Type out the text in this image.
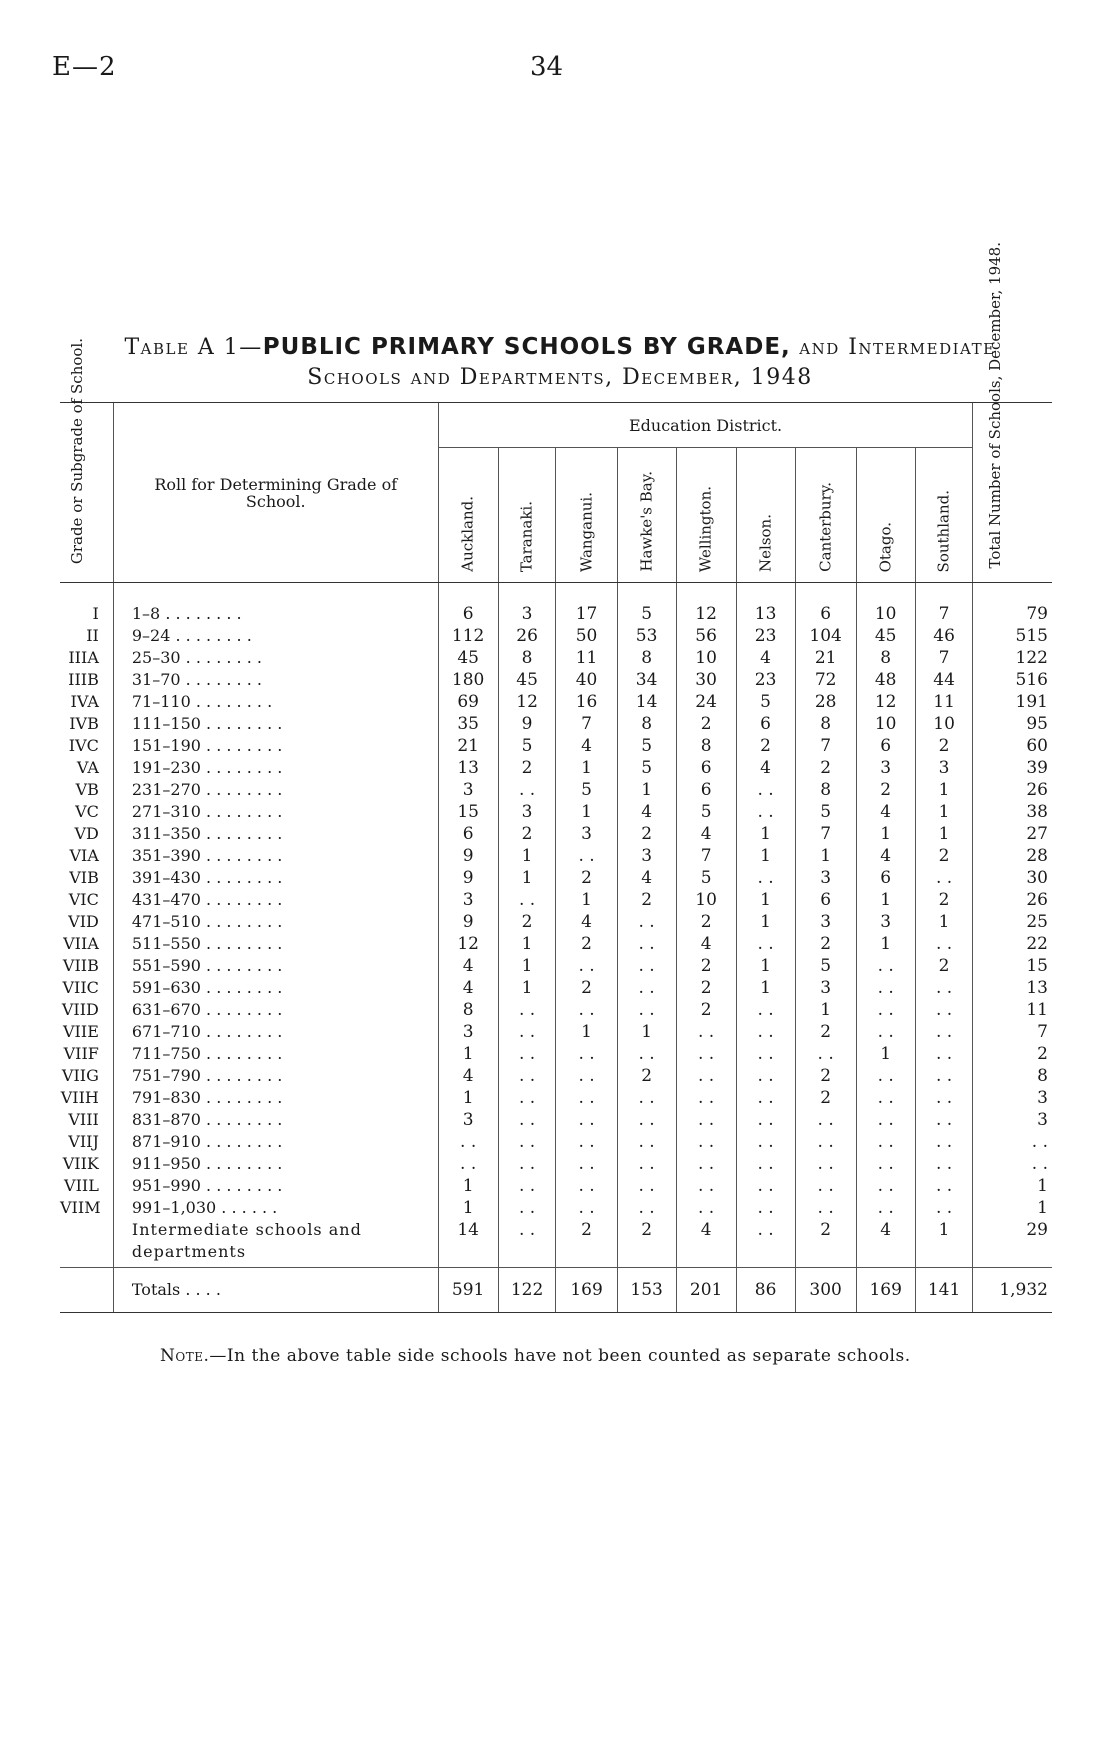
E—2	34
Table A 1—PUBLIC PRIMARY SCHOOLS BY GRADE, and Intermediate
Schools and Departments, December, 1948
Grade or Subgrade of School.	Roll for Determining Grade of School.	Education District.									Total Number of Schools, December, 1948.

		Auckland.	Taranaki.	Wanganui.	Hawke's Bay.	Wellington.	Nelson.	Canterbury.	Otago.	Southland.	

I	1–8 . . . . . . . .	6	3	17	5	12	13	6	10	7	79
II	9–24 . . . . . . . .	112	26	50	53	56	23	104	45	46	515
IIIA	25–30 . . . . . . . .	45	8	11	8	10	4	21	8	7	122
IIIB	31–70 . . . . . . . .	180	45	40	34	30	23	72	48	44	516
IVA	71–110 . . . . . . . .	69	12	16	14	24	5	28	12	11	191
IVB	111–150 . . . . . . . .	35	9	7	8	2	6	8	10	10	95
IVC	151–190 . . . . . . . .	21	5	4	5	8	2	7	6	2	60
VA	191–230 . . . . . . . .	13	2	1	5	6	4	2	3	3	39
VB	231–270 . . . . . . . .	3	. .	5	1	6	. .	8	2	1	26
VC	271–310 . . . . . . . .	15	3	1	4	5	. .	5	4	1	38
VD	311–350 . . . . . . . .	6	2	3	2	4	1	7	1	1	27
VIA	351–390 . . . . . . . .	9	1	. .	3	7	1	1	4	2	28
VIB	391–430 . . . . . . . .	9	1	2	4	5	. .	3	6	. .	30
VIC	431–470 . . . . . . . .	3	. .	1	2	10	1	6	1	2	26
VID	471–510 . . . . . . . .	9	2	4	. .	2	1	3	3	1	25
VIIA	511–550 . . . . . . . .	12	1	2	. .	4	. .	2	1	. .	22
VIIB	551–590 . . . . . . . .	4	1	. .	. .	2	1	5	. .	2	15
VIIC	591–630 . . . . . . . .	4	1	2	. .	2	1	3	. .	. .	13
VIID	631–670 . . . . . . . .	8	. .	. .	. .	2	. .	1	. .	. .	11
VIIE	671–710 . . . . . . . .	3	. .	1	1	. .	. .	2	. .	. .	7
VIIF	711–750 . . . . . . . .	1	. .	. .	. .	. .	. .	. .	1	. .	2
VIIG	751–790 . . . . . . . .	4	. .	. .	2	. .	. .	2	. .	. .	8
VIIH	791–830 . . . . . . . .	1	. .	. .	. .	. .	. .	2	. .	. .	3
VIII	831–870 . . . . . . . .	3	. .	. .	. .	. .	. .	. .	. .	. .	3
VIIJ	871–910 . . . . . . . .	. .	. .	. .	. .	. .	. .	. .	. .	. .	. .
VIIK	911–950 . . . . . . . .	. .	. .	. .	. .	. .	. .	. .	. .	. .	. .
VIIL	951–990 . . . . . . . .	1	. .	. .	. .	. .	. .	. .	. .	. .	1
VIIM	991–1,030 . . . . . .	1	. .	. .	. .	. .	. .	. .	. .	. .	1
	Intermediate schools and departments	14	. .	2	2	4	. .	2	4	1	29
	Totals . . . .	591	122	169	153	201	86	300	169	141	1,932
Note.—In the above table side schools have not been counted as separate schools.
